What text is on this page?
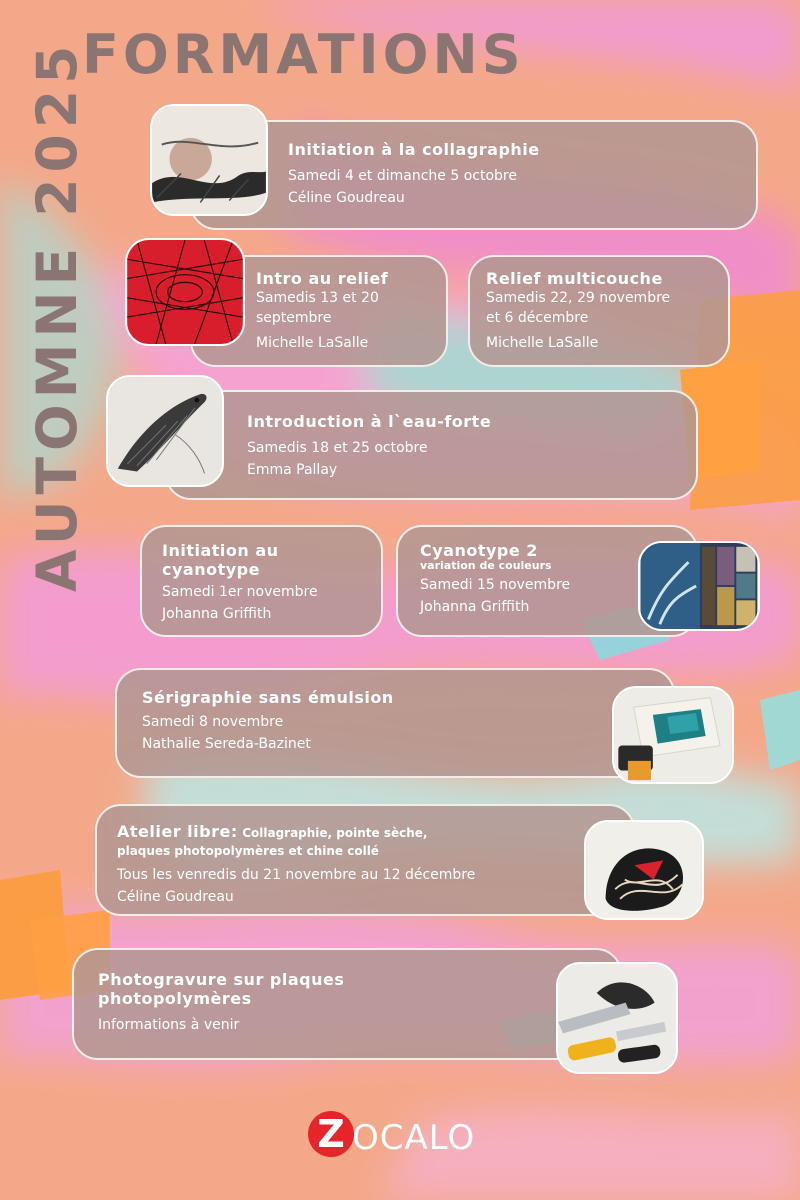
AUTOMNE 2025
FORMATIONS
Initiation à la collagraphie
Samedi 4 et dimanche 5 octobre
Céline Goudreau
Intro au relief
Samedis 13 et 20
septembre
Michelle LaSalle
Relief multicouche
Samedis 22, 29 novembre
et 6 décembre
Michelle LaSalle
Introduction à l`eau-forte
Samedis 18 et 25 octobre
Emma Pallay
Initiation au
cyanotype
Samedi 1er novembre
Johanna Griffith
Cyanotype 2
variation de couleurs
Samedi 15 novembre
Johanna Griffith
Sérigraphie sans émulsion
Samedi 8 novembre
Nathalie Sereda-Bazinet
Atelier libre: Collagraphie, pointe sèche,
plaques photopolymères et chine collé
Tous les venredis du 21 novembre au 12 décembre
Céline Goudreau
Photogravure sur plaques
photopolymères
Informations à venir
Z OCALO
